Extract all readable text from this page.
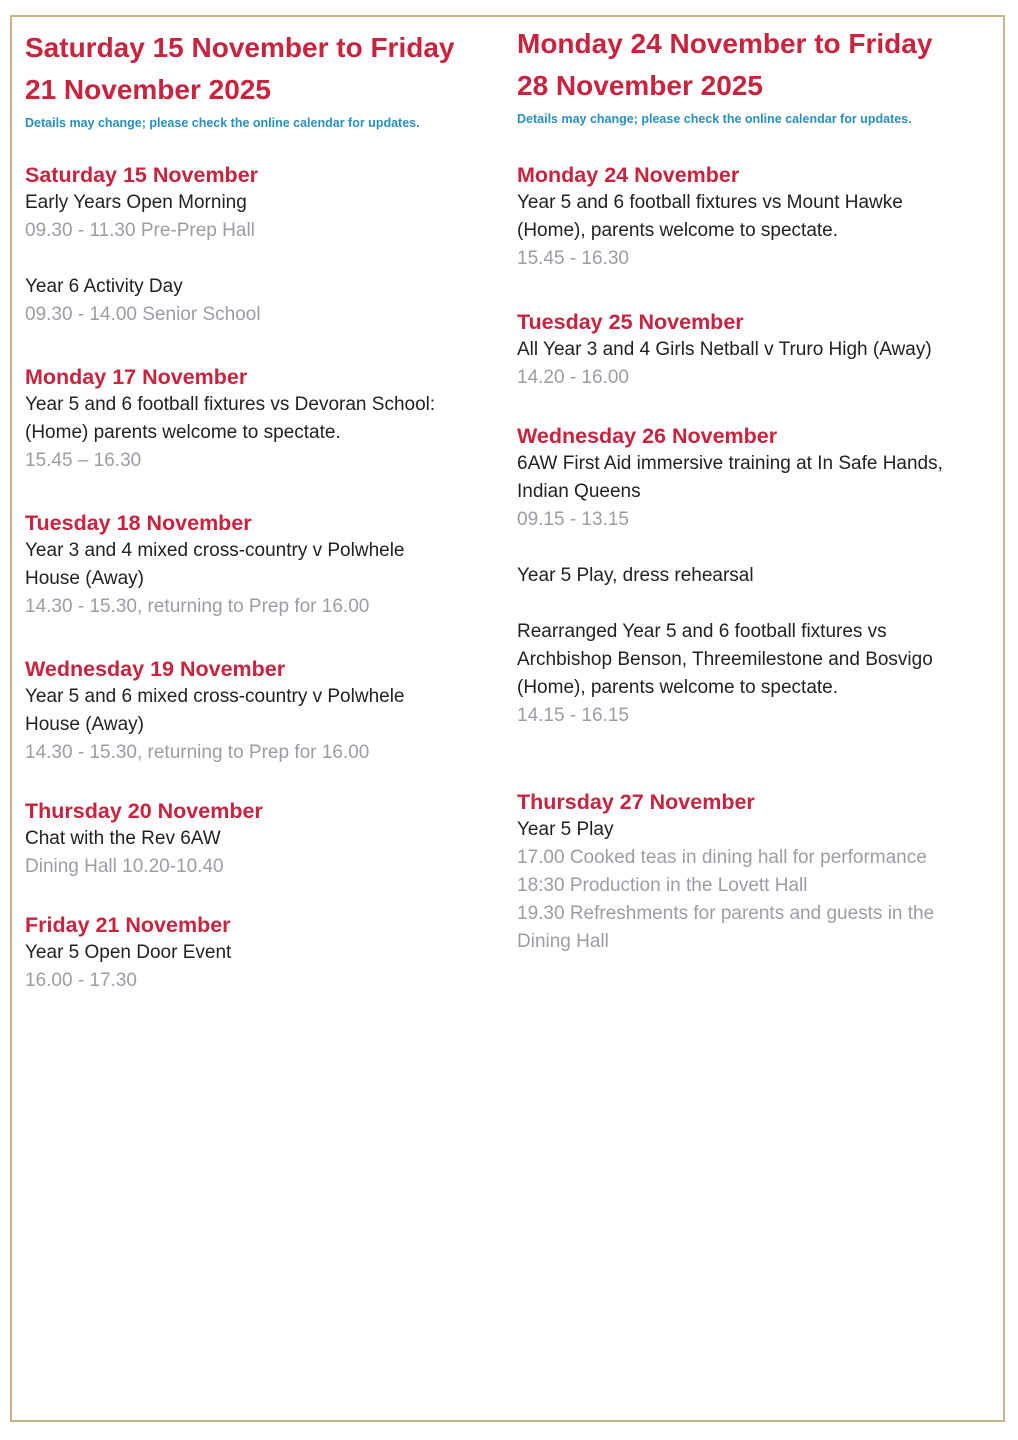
Saturday 15 November to Friday

21 November 2025

Details may change; please check the online calendar for updates.

Saturday 15 November

Early Years Open Morning

09.30 - 11.30 Pre-Prep Hall

Year 6 Activity Day

09.30 - 14.00 Senior School

Monday 17 November

Year 5 and 6 football fixtures vs Devoran School:

(Home) parents welcome to spectate.

15.45 – 16.30

Tuesday 18 November

Year 3 and 4 mixed cross-country v Polwhele

House (Away)

14.30 - 15.30, returning to Prep for 16.00

Wednesday 19 November

Year 5 and 6 mixed cross-country v Polwhele

House (Away)

14.30 - 15.30, returning to Prep for 16.00

Thursday 20 November

Chat with the Rev 6AW

Dining Hall 10.20-10.40

Friday 21 November

Year 5 Open Door Event

16.00 - 17.30

Monday 24 November to Friday

28 November 2025

Details may change; please check the online calendar for updates.

Monday 24 November

Year 5 and 6 football fixtures vs Mount Hawke

(Home), parents welcome to spectate.

15.45 - 16.30

Tuesday 25 November

All Year 3 and 4 Girls Netball v Truro High (Away)

14.20 - 16.00

Wednesday 26 November

6AW First Aid immersive training at In Safe Hands,

Indian Queens

09.15 - 13.15

Year 5 Play, dress rehearsal

Rearranged Year 5 and 6 football fixtures vs

Archbishop Benson, Threemilestone and Bosvigo

(Home), parents welcome to spectate.

14.15 - 16.15

Thursday 27 November

Year 5 Play

17.00 Cooked teas in dining hall for performance

18:30 Production in the Lovett Hall

19.30 Refreshments for parents and guests in the

Dining Hall
